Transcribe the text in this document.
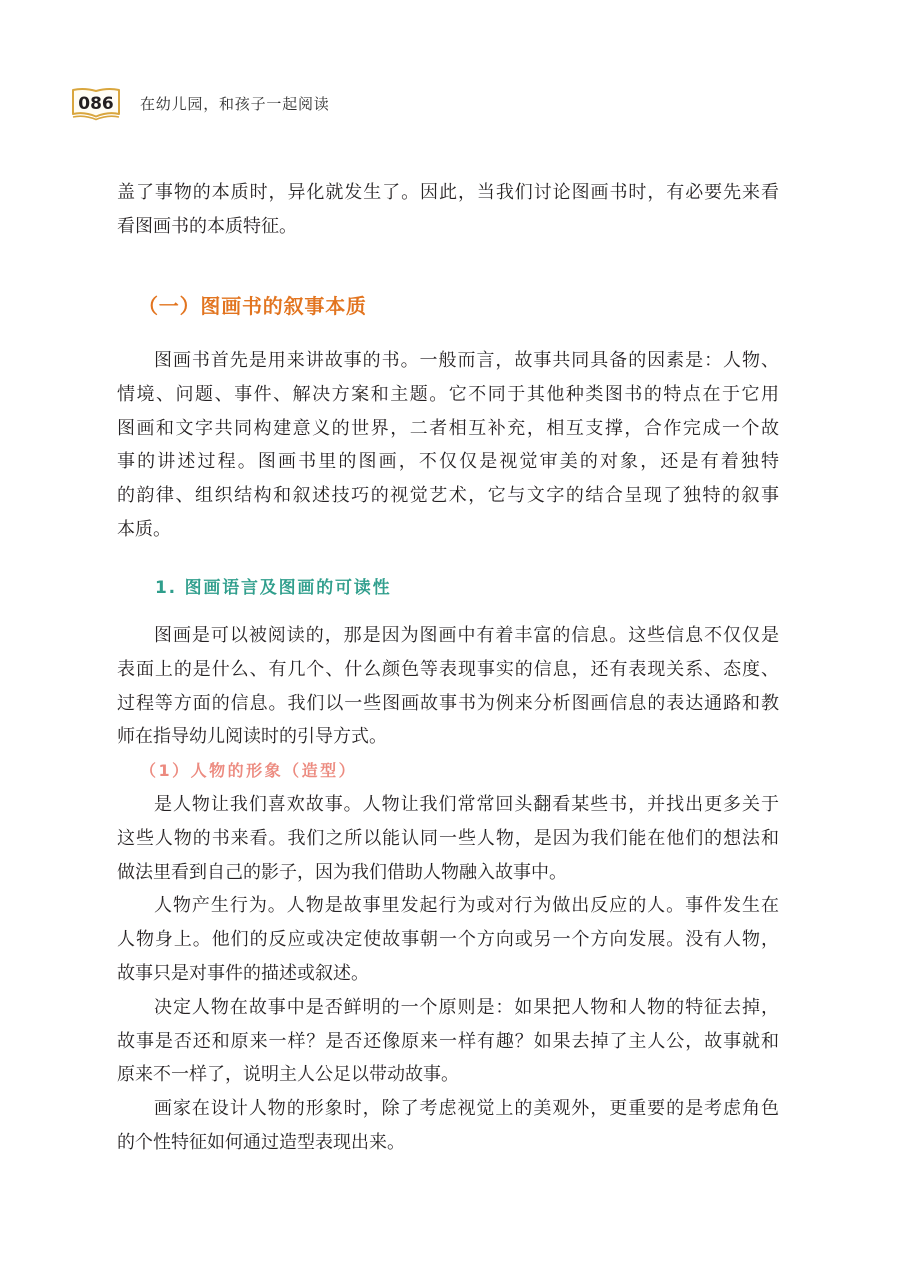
086 在幼儿园，和孩子一起阅读
盖了事物的本质时，异化就发生了。因此，当我们讨论图画书时，有必要先来看
看图画书的本质特征。
（一）图画书的叙事本质
图画书首先是用来讲故事的书。一般而言，故事共同具备的因素是：人物、
情境、问题、事件、解决方案和主题。它不同于其他种类图书的特点在于它用
图画和文字共同构建意义的世界，二者相互补充，相互支撑，合作完成一个故
事的讲述过程。图画书里的图画，不仅仅是视觉审美的对象，还是有着独特
的韵律、组织结构和叙述技巧的视觉艺术，它与文字的结合呈现了独特的叙事
本质。
1. 图画语言及图画的可读性
图画是可以被阅读的，那是因为图画中有着丰富的信息。这些信息不仅仅是
表面上的是什么、有几个、什么颜色等表现事实的信息，还有表现关系、态度、
过程等方面的信息。我们以一些图画故事书为例来分析图画信息的表达通路和教
师在指导幼儿阅读时的引导方式。
（1）人物的形象（造型）
是人物让我们喜欢故事。人物让我们常常回头翻看某些书，并找出更多关于
这些人物的书来看。我们之所以能认同一些人物，是因为我们能在他们的想法和
做法里看到自己的影子，因为我们借助人物融入故事中。
人物产生行为。人物是故事里发起行为或对行为做出反应的人。事件发生在
人物身上。他们的反应或决定使故事朝一个方向或另一个方向发展。没有人物，
故事只是对事件的描述或叙述。
决定人物在故事中是否鲜明的一个原则是：如果把人物和人物的特征去掉，
故事是否还和原来一样？是否还像原来一样有趣？如果去掉了主人公，故事就和
原来不一样了，说明主人公足以带动故事。
画家在设计人物的形象时，除了考虑视觉上的美观外，更重要的是考虑角色
的个性特征如何通过造型表现出来。
